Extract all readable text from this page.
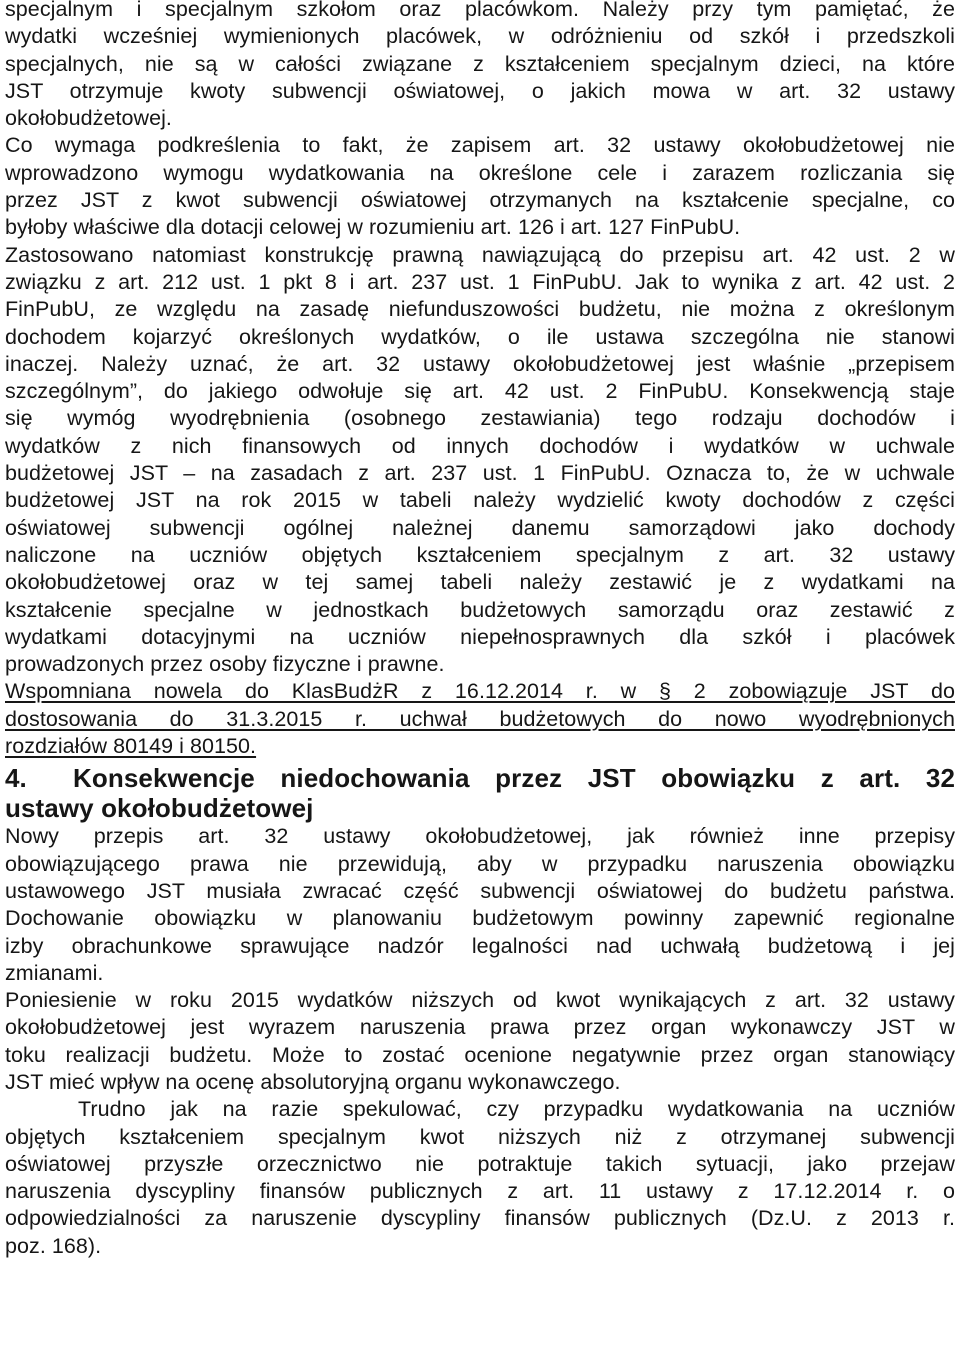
specjalnym i specjalnym szkołom oraz placówkom. Należy przy tym pamiętać, że
wydatki wcześniej wymienionych placówek, w odróżnieniu od szkół i przedszkoli
specjalnych, nie są w całości związane z kształceniem specjalnym dzieci, na które
JST otrzymuje kwoty subwencji oświatowej, o jakich mowa w art. 32 ustawy
okołobudżetowej.
Co wymaga podkreślenia to fakt, że zapisem art. 32 ustawy okołobudżetowej nie
wprowadzono wymogu wydatkowania na określone cele i zarazem rozliczania się
przez JST z kwot subwencji oświatowej otrzymanych na kształcenie specjalne, co
byłoby właściwe dla dotacji celowej w rozumieniu art. 126 i art. 127 FinPubU.
Zastosowano natomiast konstrukcję prawną nawiązującą do przepisu art. 42 ust. 2 w
związku z art. 212 ust. 1 pkt 8 i art. 237 ust. 1 FinPubU. Jak to wynika z art. 42 ust. 2
FinPubU, ze względu na zasadę niefunduszowości budżetu, nie można z określonym
dochodem kojarzyć określonych wydatków, o ile ustawa szczególna nie stanowi
inaczej. Należy uznać, że art. 32 ustawy okołobudżetowej jest właśnie „przepisem
szczególnym”, do jakiego odwołuje się art. 42 ust. 2 FinPubU. Konsekwencją staje
się wymóg wyodrębnienia (osobnego zestawiania) tego rodzaju dochodów i
wydatków z nich finansowych od innych dochodów i wydatków w uchwale
budżetowej JST – na zasadach z art. 237 ust. 1 FinPubU. Oznacza to, że w uchwale
budżetowej JST na rok 2015 w tabeli należy wydzielić kwoty dochodów z części
oświatowej subwencji ogólnej należnej danemu samorządowi jako dochody
naliczone na uczniów objętych kształceniem specjalnym z art. 32 ustawy
okołobudżetowej oraz w tej samej tabeli należy zestawić je z wydatkami na
kształcenie specjalne w jednostkach budżetowych samorządu oraz zestawić z
wydatkami dotacyjnymi na uczniów niepełnosprawnych dla szkół i placówek
prowadzonych przez osoby fizyczne i prawne.
Wspomniana nowela do KlasBudżR z 16.12.2014 r. w § 2 zobowiązuje JST do
dostosowania do 31.3.2015 r. uchwał budżetowych do nowo wyodrębnionych
rozdziałów 80149 i 80150.
4. Konsekwencje niedochowania przez JST obowiązku z art. 32
ustawy okołobudżetowej
Nowy przepis art. 32 ustawy okołobudżetowej, jak również inne przepisy
obowiązującego prawa nie przewidują, aby w przypadku naruszenia obowiązku
ustawowego JST musiała zwracać część subwencji oświatowej do budżetu państwa.
Dochowanie obowiązku w planowaniu budżetowym powinny zapewnić regionalne
izby obrachunkowe sprawujące nadzór legalności nad uchwałą budżetową i jej
zmianami.
Poniesienie w roku 2015 wydatków niższych od kwot wynikających z art. 32 ustawy
okołobudżetowej jest wyrazem naruszenia prawa przez organ wykonawczy JST w
toku realizacji budżetu. Może to zostać ocenione negatywnie przez organ stanowiący
JST mieć wpływ na ocenę absolutoryjną organu wykonawczego.
Trudno jak na razie spekulować, czy przypadku wydatkowania na uczniów
objętych kształceniem specjalnym kwot niższych niż z otrzymanej subwencji
oświatowej przyszłe orzecznictwo nie potraktuje takich sytuacji, jako przejaw
naruszenia dyscypliny finansów publicznych z art. 11 ustawy z 17.12.2014 r. o
odpowiedzialności za naruszenie dyscypliny finansów publicznych (Dz.U. z 2013 r.
poz. 168).
